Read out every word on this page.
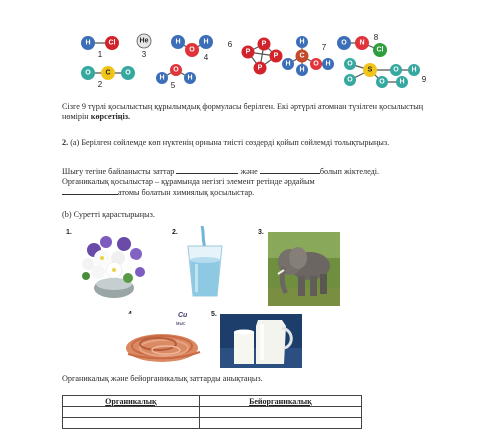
H	Cl
1
He
3
H	H
O
4
P
P
P
P
6	H
H
H
C
O H
7 O N
Cl
8
O C O
2
H
O
H
5
O
O
S	O H
O H 9

Сізге 9 түрлі қосылыстың құрылымдық формуласы берілген. Екі әртүрлі атомнан түзілген қосылыстың нөмірін көрсетіңіз.

2. (a) Берілген сөйлемде көп нүктенің орнына тиісті сөздерді қойып сөйлемді толықтырыңыз.

Шығу тегіне байланысты заттар	және	болып жіктеледі.
Органикалық қосылыстар – құрамында негізгі элемент ретінде әрдайым
атомы болатын химиялық қосылыстар.

(b) Суретті қарастырыңыз.

1.	2.	3.
Cu
мыс
5.

Органикалық және бейорганикалық заттарды анықтаңыз.

Органикалық	Бейорганикалық
